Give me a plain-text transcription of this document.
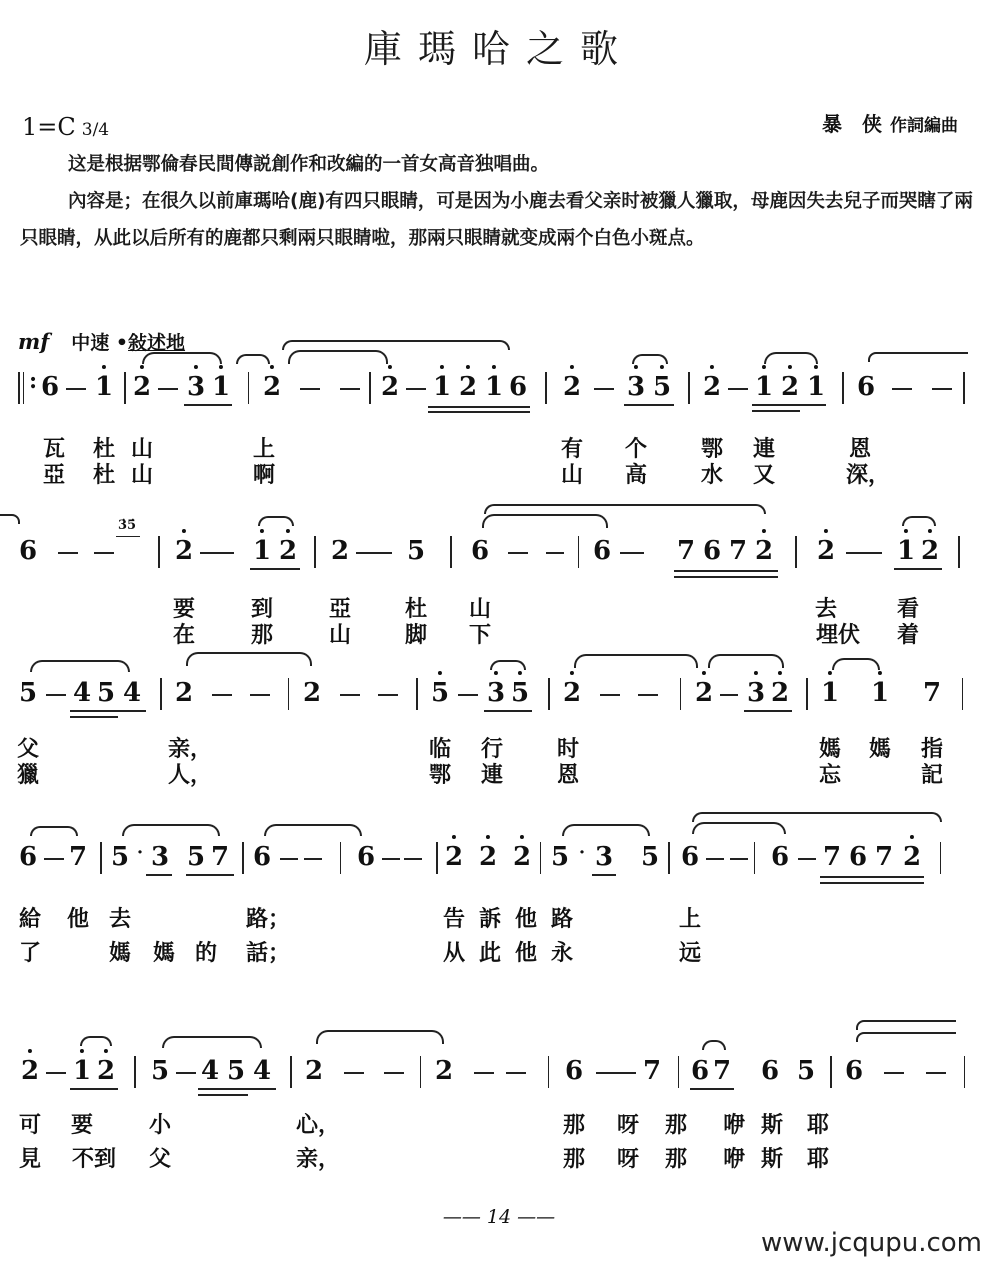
庫瑪哈之歌
1=C 3/4	暴　侠 作詞編曲

这是根据鄂倫春民間傳説創作和改編的一首女高音独唱曲。

內容是；在很久以前庫瑪哈(鹿)有四只眼睛，可是因为小鹿去看父亲时被獵人獵取，母鹿因失去兒子而哭瞎了兩只眼睛，从此以后所有的鹿都只剩兩只眼睛啦，那兩只眼睛就变成兩个白色小斑点。

mf 中速 •敍述地
: 6 1 2 3 1 2	2 1 2 1 6 2 3 5 2 1 2 1 6
瓦 杜 山	上	有 个 鄂 連	恩
亞 杜 山	啊	山 高 水 又	深，
6
3̇5̇
2 1 2 2 5 6	6	7 6 7 2 2 1 2
要	到	亞 杜 山	去	看
在	那	山 脚 下	埋伏 着
5 4 5 4 2	2	5 3 5 2	2 3 2 1 1 7
父	亲，	临 行 时	媽 媽 指
獵	人，	鄂 連 恩	忘	記
6 7 5 · 3 5 7 6	6	2 2 2 5 · 3 5 6	6 7 6 7 2
給 他 去	路；	告 訴 他 路	上
了	媽 媽 的 話；	从 此 他 永	远
2 1 2 5 4 5 4 2	2	6 7 6 7 6 5 6
可 要	小	心，	那 呀 那 咿 斯 耶
見 不到 父	亲，	那 呀 那 咿 斯 耶
—— 14 ——
www.jcqupu.com
